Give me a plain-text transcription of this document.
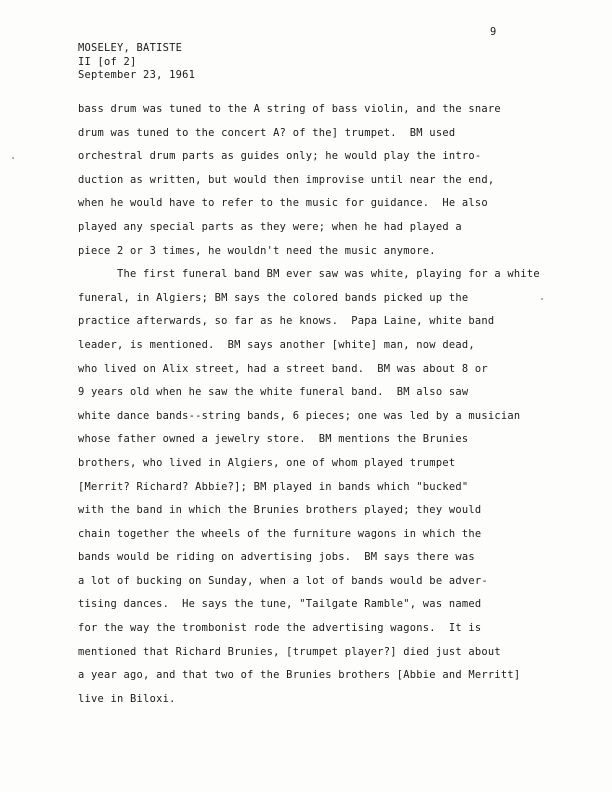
9

MOSELEY, BATISTE
II [of 2]
September 23, 1961
bass drum was tuned to the A string of bass violin, and the snare
drum was tuned to the concert A? of the] trumpet.  BM used
orchestral drum parts as guides only; he would play the intro-
duction as written, but would then improvise until near the end,
when he would have to refer to the music for guidance.  He also
played any special parts as they were; when he had played a
piece 2 or 3 times, he wouldn't need the music anymore.
The first funeral band BM ever saw was white, playing for a white
funeral, in Algiers; BM says the colored bands picked up the
practice afterwards, so far as he knows.  Papa Laine, white band
leader, is mentioned.  BM says another [white] man, now dead,
who lived on Alix street, had a street band.  BM was about 8 or
9 years old when he saw the white funeral band.  BM also saw
white dance bands--string bands, 6 pieces; one was led by a musician
whose father owned a jewelry store.  BM mentions the Brunies
brothers, who lived in Algiers, one of whom played trumpet
[Merrit? Richard? Abbie?]; BM played in bands which "bucked"
with the band in which the Brunies brothers played; they would
chain together the wheels of the furniture wagons in which the
bands would be riding on advertising jobs.  BM says there was
a lot of bucking on Sunday, when a lot of bands would be adver-
tising dances.  He says the tune, "Tailgate Ramble", was named
for the way the trombonist rode the advertising wagons.  It is
mentioned that Richard Brunies, [trumpet player?] died just about
a year ago, and that two of the Brunies brothers [Abbie and Merritt]
live in Biloxi.
